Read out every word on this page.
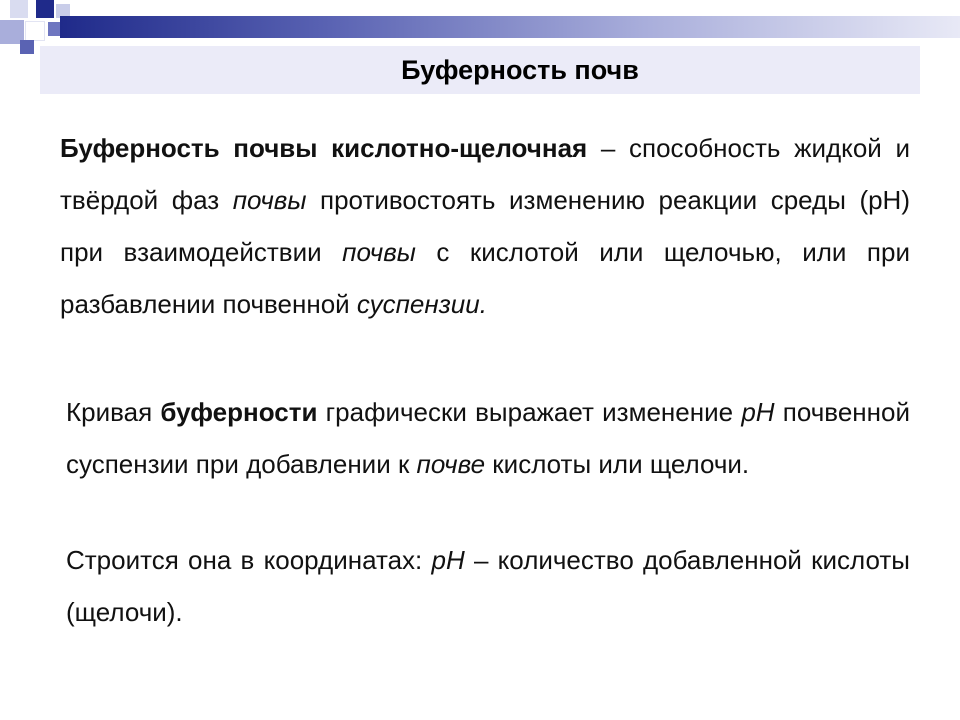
Буферность почв
Буферность почвы кислотно-щелочная – способность жидкой и твёрдой фаз почвы противостоять изменению реакции среды (рН) при взаимодействии почвы с кислотой или щелочью, или при разбавлении почвенной суспензии.
Кривая буферности графически выражает изменение pH почвенной суспензии при добавлении к почве кислоты или щелочи.
Строится она в координатах: pH – количество добавленной кислоты (щелочи).
